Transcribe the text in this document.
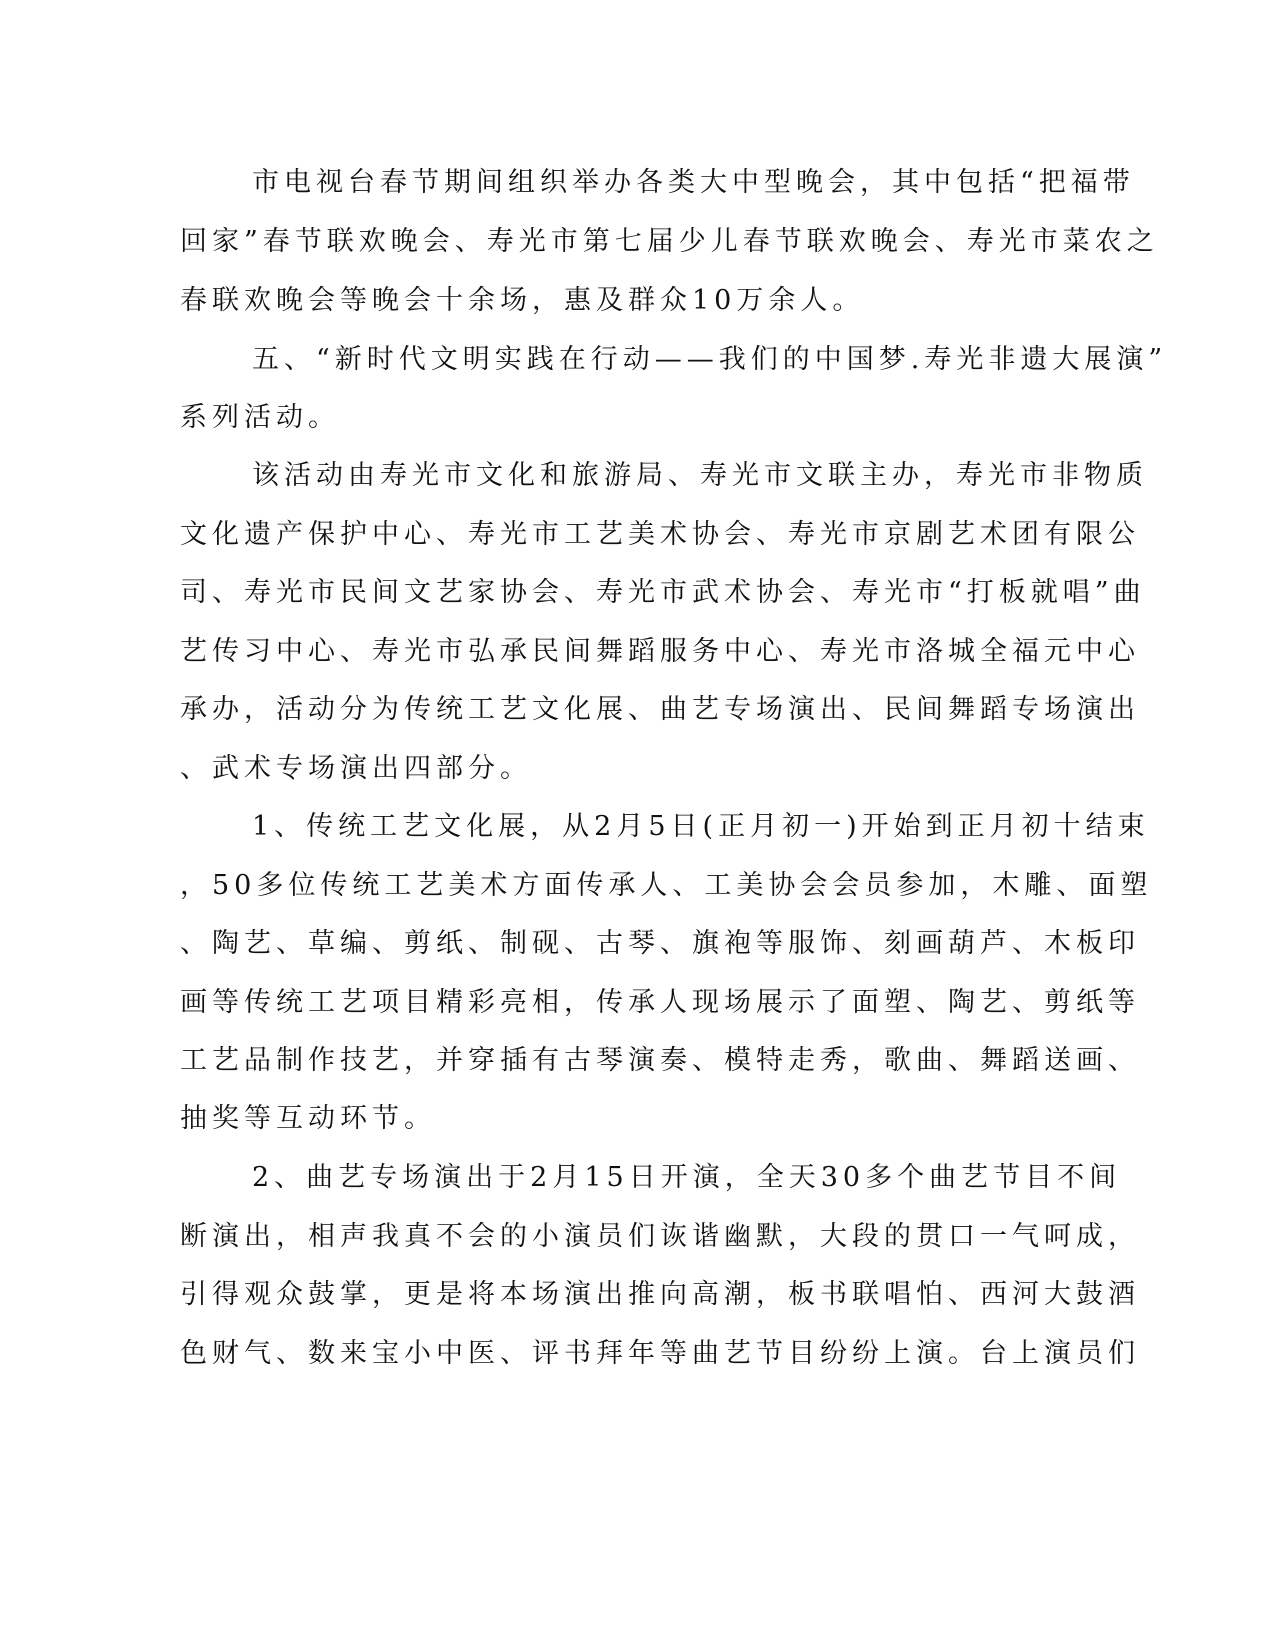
市电视台春节期间组织举办各类大中型晚会，其中包括“把福带
回家”春节联欢晚会、寿光市第七届少儿春节联欢晚会、寿光市菜农之
春联欢晚会等晚会十余场，惠及群众10万余人。
五、“新时代文明实践在行动——我们的中国梦.寿光非遗大展演”
系列活动。
该活动由寿光市文化和旅游局、寿光市文联主办，寿光市非物质
文化遗产保护中心、寿光市工艺美术协会、寿光市京剧艺术团有限公
司、寿光市民间文艺家协会、寿光市武术协会、寿光市“打板就唱”曲
艺传习中心、寿光市弘承民间舞蹈服务中心、寿光市洛城全福元中心
承办，活动分为传统工艺文化展、曲艺专场演出、民间舞蹈专场演出
、武术专场演出四部分。
1、传统工艺文化展，从2月5日(正月初一)开始到正月初十结束
，50多位传统工艺美术方面传承人、工美协会会员参加，木雕、面塑
、陶艺、草编、剪纸、制砚、古琴、旗袍等服饰、刻画葫芦、木板印
画等传统工艺项目精彩亮相，传承人现场展示了面塑、陶艺、剪纸等
工艺品制作技艺，并穿插有古琴演奏、模特走秀，歌曲、舞蹈送画、
抽奖等互动环节。
2、曲艺专场演出于2月15日开演，全天30多个曲艺节目不间
断演出，相声我真不会的小演员们诙谐幽默，大段的贯口一气呵成，
引得观众鼓掌，更是将本场演出推向高潮，板书联唱怕、西河大鼓酒
色财气、数来宝小中医、评书拜年等曲艺节目纷纷上演。台上演员们
